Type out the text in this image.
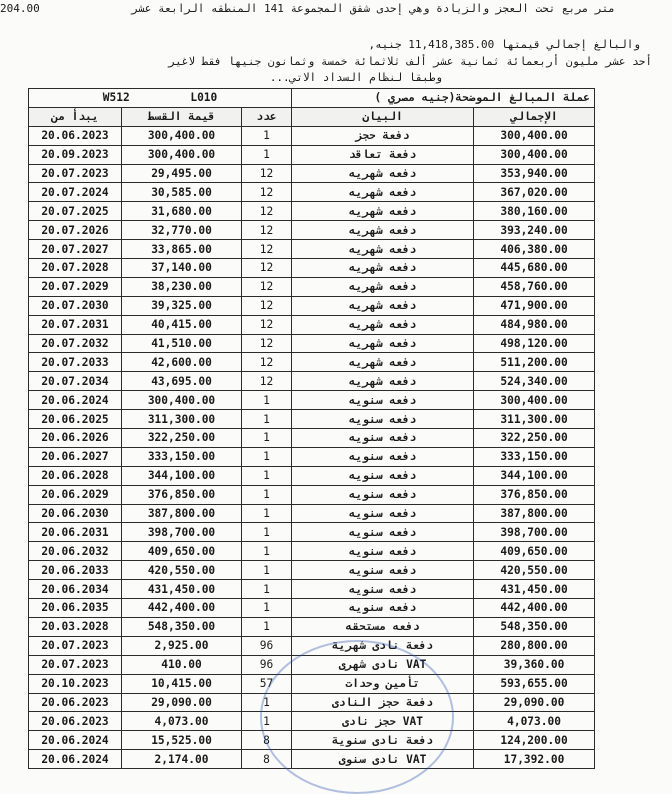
متر مربع تحت العجز والزيادة وهي إحدى شقق المجموعة 141 المنطقه الرابعة عشر
204.00
والبالغ إجمالي قيمتها 11,418,385.00 جنيه,
أحد عشر مليون أربعمائة ثمانية عشر ألف ثلاثمائة خمسة وثمانون جنيها فقط لاغير
وطبقا لنظام السداد الاتي...
W512 L010			عملة المبالغ الموضحة(جنيه مصري )	
يبدأ من	قيمة القسط	عدد	البيان	الإجمالي
20.06.2023	300,400.00	1	دفعة حجز	300,400.00
20.09.2023	300,400.00	1	دفعة تعاقد	300,400.00
20.07.2023	29,495.00	12	دفعه شهريه	353,940.00
20.07.2024	30,585.00	12	دفعه شهريه	367,020.00
20.07.2025	31,680.00	12	دفعه شهريه	380,160.00
20.07.2026	32,770.00	12	دفعه شهريه	393,240.00
20.07.2027	33,865.00	12	دفعه شهريه	406,380.00
20.07.2028	37,140.00	12	دفعه شهريه	445,680.00
20.07.2029	38,230.00	12	دفعه شهريه	458,760.00
20.07.2030	39,325.00	12	دفعه شهريه	471,900.00
20.07.2031	40,415.00	12	دفعه شهريه	484,980.00
20.07.2032	41,510.00	12	دفعه شهريه	498,120.00
20.07.2033	42,600.00	12	دفعه شهريه	511,200.00
20.07.2034	43,695.00	12	دفعه شهريه	524,340.00
20.06.2024	300,400.00	1	دفعه سنويه	300,400.00
20.06.2025	311,300.00	1	دفعه سنويه	311,300.00
20.06.2026	322,250.00	1	دفعه سنويه	322,250.00
20.06.2027	333,150.00	1	دفعه سنويه	333,150.00
20.06.2028	344,100.00	1	دفعه سنويه	344,100.00
20.06.2029	376,850.00	1	دفعه سنويه	376,850.00
20.06.2030	387,800.00	1	دفعه سنويه	387,800.00
20.06.2031	398,700.00	1	دفعه سنويه	398,700.00
20.06.2032	409,650.00	1	دفعه سنويه	409,650.00
20.06.2033	420,550.00	1	دفعه سنويه	420,550.00
20.06.2034	431,450.00	1	دفعه سنويه	431,450.00
20.06.2035	442,400.00	1	دفعه سنويه	442,400.00
20.03.2028	548,350.00	1	دفعه مستحقه	548,350.00
20.07.2023	2,925.00	96	دفعة نادى شهرية	280,800.00
20.07.2023	410.00	96	VAT نادى شهرى	39,360.00
20.10.2023	10,415.00	57	تأمين وحدات	593,655.00
20.06.2023	29,090.00	1	دفعة حجز النادى	29,090.00
20.06.2023	4,073.00	1	VAT حجز نادى	4,073.00
20.06.2024	15,525.00	8	دفعة نادى سنوية	124,200.00
20.06.2024	2,174.00	8	VAT نادى سنوى	17,392.00
